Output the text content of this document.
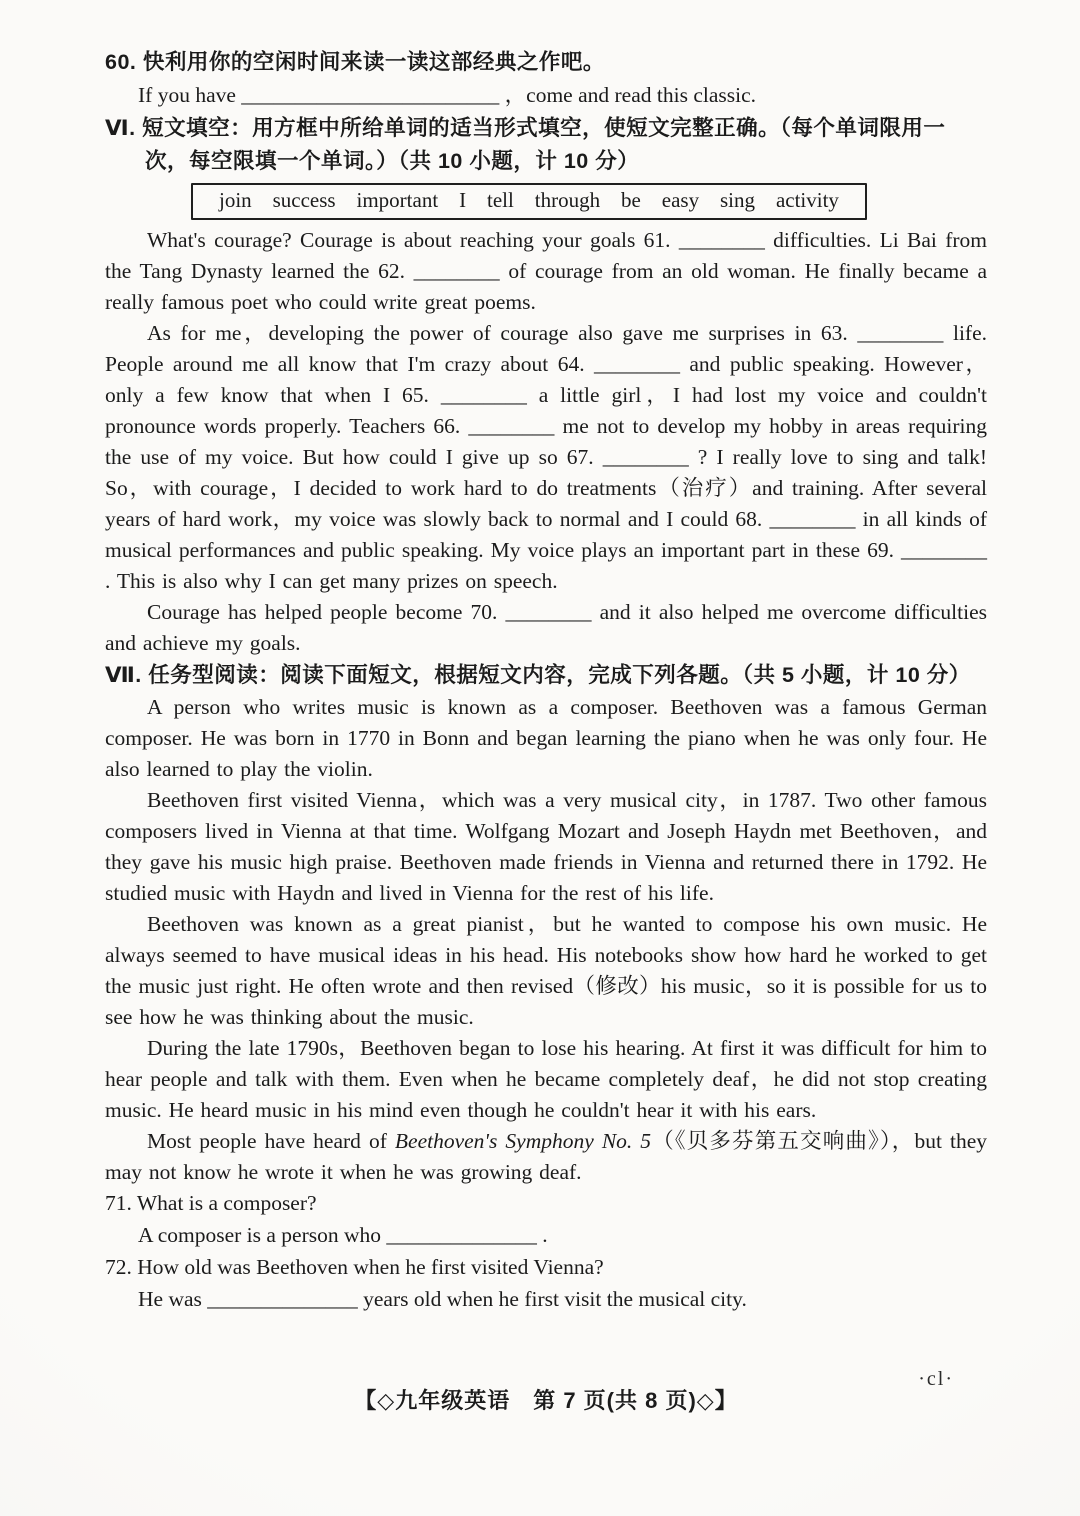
60. 快利用你的空闲时间来读一读这部经典之作吧。
If you have ________________________ ，come and read this classic.
Ⅵ. 短文填空：用方框中所给单词的适当形式填空，使短文完整正确。（每个单词限用一次，每空限填一个单词。）（共 10 小题，计 10 分）
join success important I tell through be easy sing activity
What's courage? Courage is about reaching your goals 61. ________ difficulties. Li Bai from the Tang Dynasty learned the 62. ________ of courage from an old woman. He finally became a really famous poet who could write great poems.
As for me，developing the power of courage also gave me surprises in 63. ________ life. People around me all know that I'm crazy about 64. ________ and public speaking. However，only a few know that when I 65. ________ a little girl，I had lost my voice and couldn't pronounce words properly. Teachers 66. ________ me not to develop my hobby in areas requiring the use of my voice. But how could I give up so 67. ________ ? I really love to sing and talk! So，with courage，I decided to work hard to do treatments（治疗）and training. After several years of hard work，my voice was slowly back to normal and I could 68. ________ in all kinds of musical performances and public speaking. My voice plays an important part in these 69. ________ . This is also why I can get many prizes on speech.
Courage has helped people become 70. ________ and it also helped me overcome difficulties and achieve my goals.
Ⅶ. 任务型阅读：阅读下面短文，根据短文内容，完成下列各题。（共 5 小题，计 10 分）
A person who writes music is known as a composer. Beethoven was a famous German composer. He was born in 1770 in Bonn and began learning the piano when he was only four. He also learned to play the violin.
Beethoven first visited Vienna，which was a very musical city，in 1787. Two other famous composers lived in Vienna at that time. Wolfgang Mozart and Joseph Haydn met Beethoven，and they gave his music high praise. Beethoven made friends in Vienna and returned there in 1792. He studied music with Haydn and lived in Vienna for the rest of his life.
Beethoven was known as a great pianist，but he wanted to compose his own music. He always seemed to have musical ideas in his head. His notebooks show how hard he worked to get the music just right. He often wrote and then revised（修改）his music，so it is possible for us to see how he was thinking about the music.
During the late 1790s，Beethoven began to lose his hearing. At first it was difficult for him to hear people and talk with them. Even when he became completely deaf，he did not stop creating music. He heard music in his mind even though he couldn't hear it with his ears.
Most people have heard of Beethoven's Symphony No. 5（《贝多芬第五交响曲》），but they may not know he wrote it when he was growing deaf.
71. What is a composer?
A composer is a person who ______________ .
72. How old was Beethoven when he first visited Vienna?
He was ______________ years old when he first visit the musical city.
【◇九年级英语　第 7 页(共 8 页)◇】
·cl·
